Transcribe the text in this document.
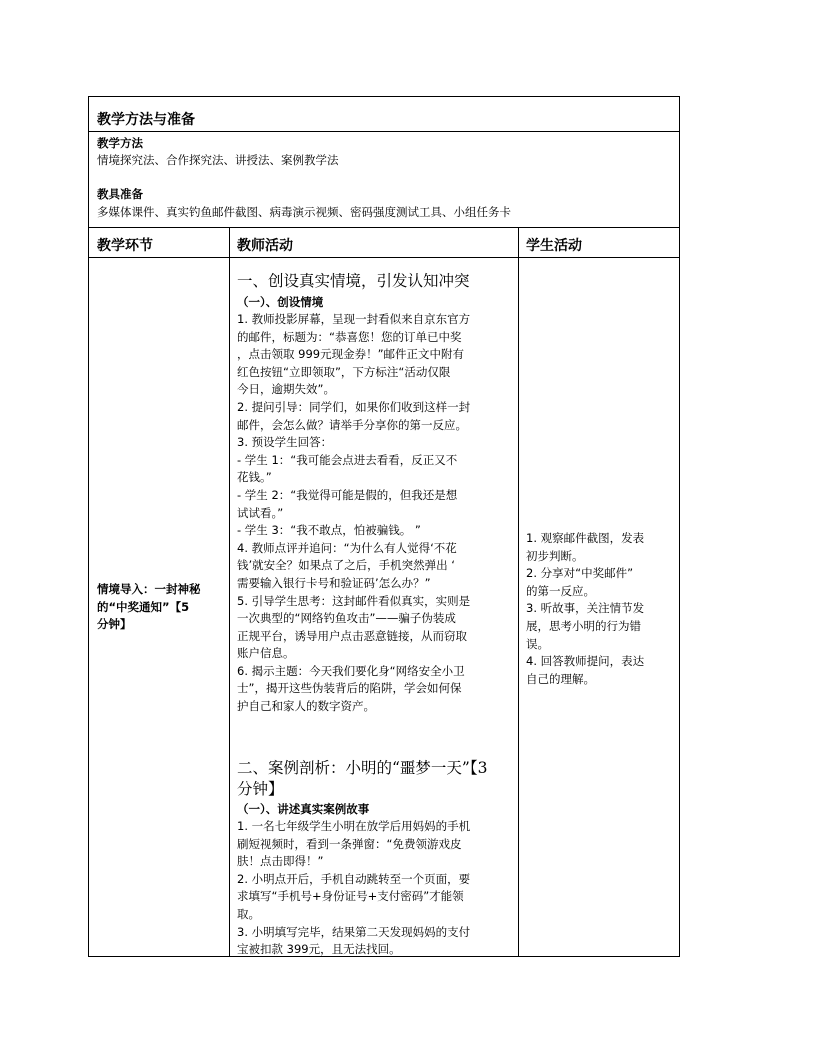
教学方法与准备
教学方法
情境探究法、合作探究法、讲授法、案例教学法
教具准备
多媒体课件、真实钓鱼邮件截图、病毒演示视频、密码强度测试工具、小组任务卡
教学环节	教师活动	学生活动
情境导入：一封神秘
的“中奖通知”【5
分钟】
一、创设真实情境，引发认知冲突
（一）、创设情境
1. 教师投影屏幕，呈现一封看似来自京东官方
的邮件，标题为：“恭喜您！您的订单已中奖
，点击领取 999元现金券！”邮件正文中附有
红色按钮“立即领取”，下方标注“活动仅限
今日，逾期失效”。
2. 提问引导：同学们，如果你们收到这样一封
邮件，会怎么做？请举手分享你的第一反应。
3. 预设学生回答：
- 学生 1：“我可能会点进去看看，反正又不
花钱。”
- 学生 2：“我觉得可能是假的，但我还是想
试试看。”
- 学生 3：“我不敢点，怕被骗钱。 ”
4. 教师点评并追问：“为什么有人觉得‘不花
钱’就安全？如果点了之后，手机突然弹出 ‘
需要输入银行卡号和验证码’怎么办？”
5. 引导学生思考：这封邮件看似真实，实则是
一次典型的“网络钓鱼攻击”——骗子伪装成
正规平台，诱导用户点击恶意链接，从而窃取
账户信息。
6. 揭示主题：今天我们要化身“网络安全小卫
士”，揭开这些伪装背后的陷阱，学会如何保
护自己和家人的数字资产。
二、案例剖析：小明的“噩梦一天”【3
分钟】
（一）、讲述真实案例故事
1. 一名七年级学生小明在放学后用妈妈的手机
刷短视频时，看到一条弹窗：“免费领游戏皮
肤！点击即得！”
2. 小明点开后，手机自动跳转至一个页面，要
求填写“手机号+身份证号+支付密码”才能领
取。
3. 小明填写完毕，结果第二天发现妈妈的支付
宝被扣款 399元，且无法找回。
1. 观察邮件截图，发表
初步判断。
2. 分享对“中奖邮件”
的第一反应。
3. 听故事，关注情节发
展，思考小明的行为错
误。
4. 回答教师提问，表达
自己的理解。
